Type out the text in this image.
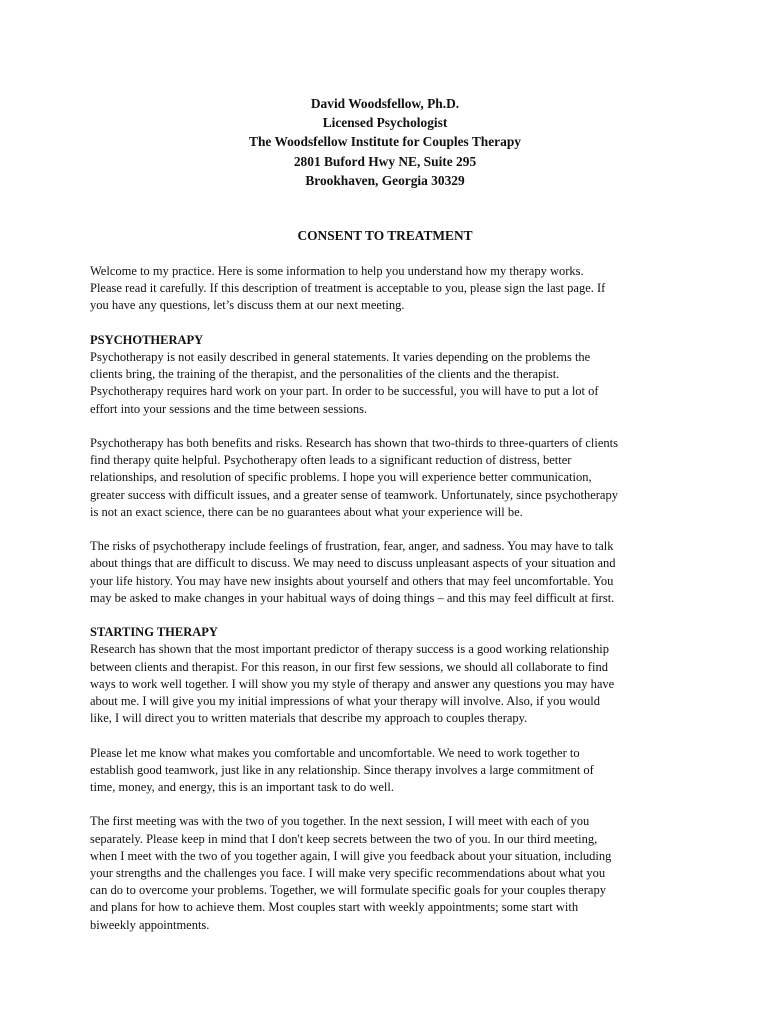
David Woodsfellow, Ph.D.
Licensed Psychologist
The Woodsfellow Institute for Couples Therapy
2801 Buford Hwy NE, Suite 295
Brookhaven, Georgia 30329
CONSENT TO TREATMENT
Welcome to my practice. Here is some information to help you understand how my therapy works.
Please read it carefully. If this description of treatment is acceptable to you, please sign the last page. If
you have any questions, let’s discuss them at our next meeting.
PSYCHOTHERAPY
Psychotherapy is not easily described in general statements. It varies depending on the problems the
clients bring, the training of the therapist, and the personalities of the clients and the therapist.
Psychotherapy requires hard work on your part. In order to be successful, you will have to put a lot of
effort into your sessions and the time between sessions.
Psychotherapy has both benefits and risks. Research has shown that two-thirds to three-quarters of clients
find therapy quite helpful. Psychotherapy often leads to a significant reduction of distress, better
relationships, and resolution of specific problems. I hope you will experience better communication,
greater success with difficult issues, and a greater sense of teamwork. Unfortunately, since psychotherapy
is not an exact science, there can be no guarantees about what your experience will be.
The risks of psychotherapy include feelings of frustration, fear, anger, and sadness. You may have to talk
about things that are difficult to discuss. We may need to discuss unpleasant aspects of your situation and
your life history. You may have new insights about yourself and others that may feel uncomfortable. You
may be asked to make changes in your habitual ways of doing things – and this may feel difficult at first.
STARTING THERAPY
Research has shown that the most important predictor of therapy success is a good working relationship
between clients and therapist. For this reason, in our first few sessions, we should all collaborate to find
ways to work well together. I will show you my style of therapy and answer any questions you may have
about me. I will give you my initial impressions of what your therapy will involve. Also, if you would
like, I will direct you to written materials that describe my approach to couples therapy.
Please let me know what makes you comfortable and uncomfortable. We need to work together to
establish good teamwork, just like in any relationship. Since therapy involves a large commitment of
time, money, and energy, this is an important task to do well.
The first meeting was with the two of you together. In the next session, I will meet with each of you
separately. Please keep in mind that I don't keep secrets between the two of you. In our third meeting,
when I meet with the two of you together again, I will give you feedback about your situation, including
your strengths and the challenges you face. I will make very specific recommendations about what you
can do to overcome your problems. Together, we will formulate specific goals for your couples therapy
and plans for how to achieve them. Most couples start with weekly appointments; some start with
biweekly appointments.
